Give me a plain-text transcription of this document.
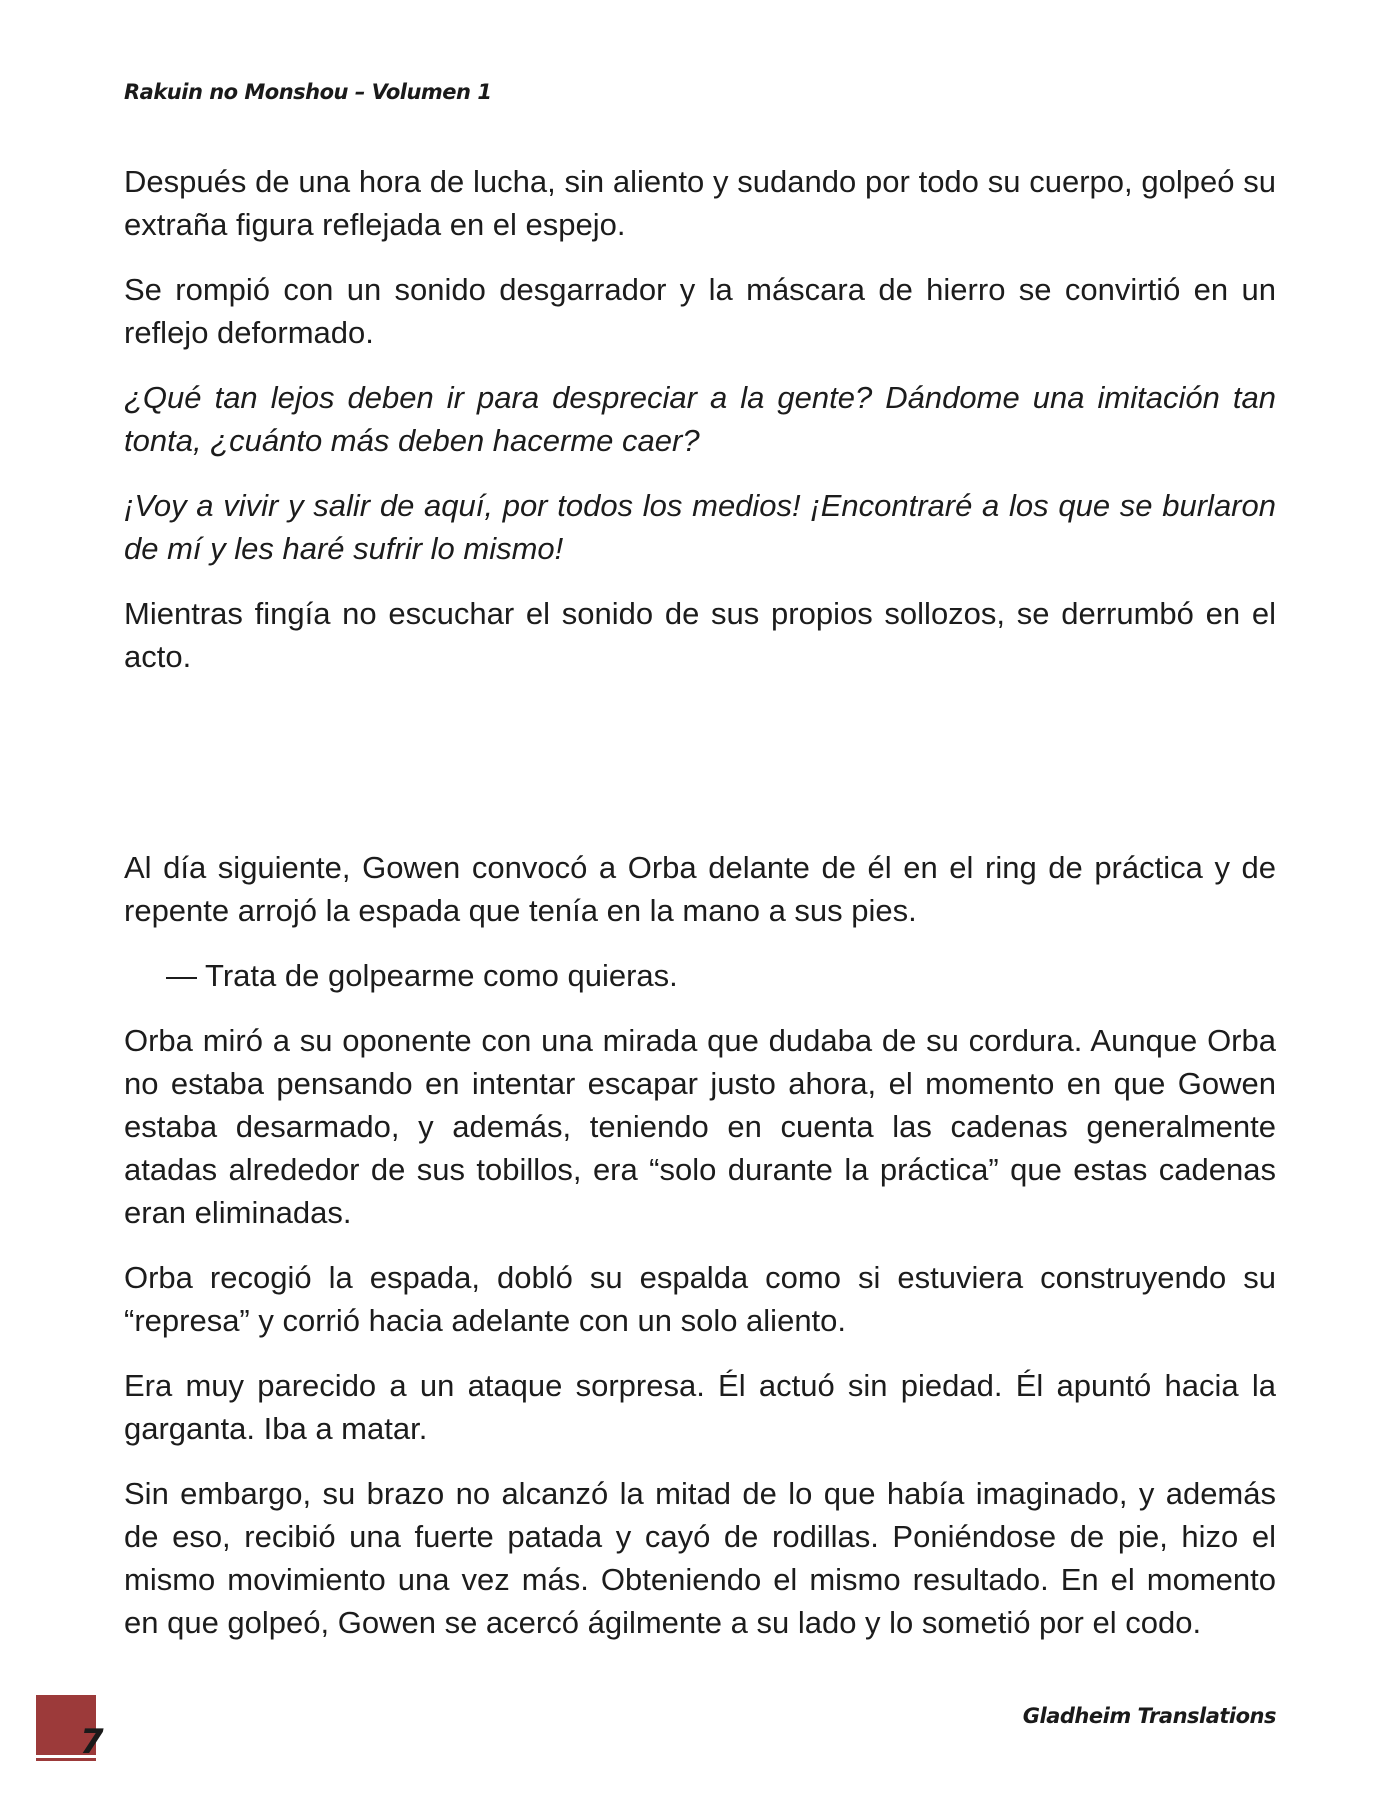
Rakuin no Monshou – Volumen 1

Después de una hora de lucha, sin aliento y sudando por todo su cuerpo, golpeó su extraña figura reflejada en el espejo.

Se rompió con un sonido desgarrador y la máscara de hierro se convirtió en un reflejo deformado.

¿Qué tan lejos deben ir para despreciar a la gente? Dándome una imitación tan tonta, ¿cuánto más deben hacerme caer?

¡Voy a vivir y salir de aquí, por todos los medios! ¡Encontraré a los que se burlaron de mí y les haré sufrir lo mismo!

Mientras fingía no escuchar el sonido de sus propios sollozos, se derrumbó en el acto.

Al día siguiente, Gowen convocó a Orba delante de él en el ring de práctica y de repente arrojó la espada que tenía en la mano a sus pies.

— Trata de golpearme como quieras.

Orba miró a su oponente con una mirada que dudaba de su cordura. Aunque Orba no estaba pensando en intentar escapar justo ahora, el momento en que Gowen estaba desarmado, y además, teniendo en cuenta las cadenas generalmente atadas alrededor de sus tobillos, era “solo durante la práctica” que estas cadenas eran eliminadas.

Orba recogió la espada, dobló su espalda como si estuviera construyendo su “represa” y corrió hacia adelante con un solo aliento.

Era muy parecido a un ataque sorpresa. Él actuó sin piedad. Él apuntó hacia la garganta. Iba a matar.

Sin embargo, su brazo no alcanzó la mitad de lo que había imaginado, y además de eso, recibió una fuerte patada y cayó de rodillas. Poniéndose de pie, hizo el mismo movimiento una vez más. Obteniendo el mismo resultado. En el momento en que golpeó, Gowen se acercó ágilmente a su lado y lo sometió por el codo.

7
Gladheim Translations
